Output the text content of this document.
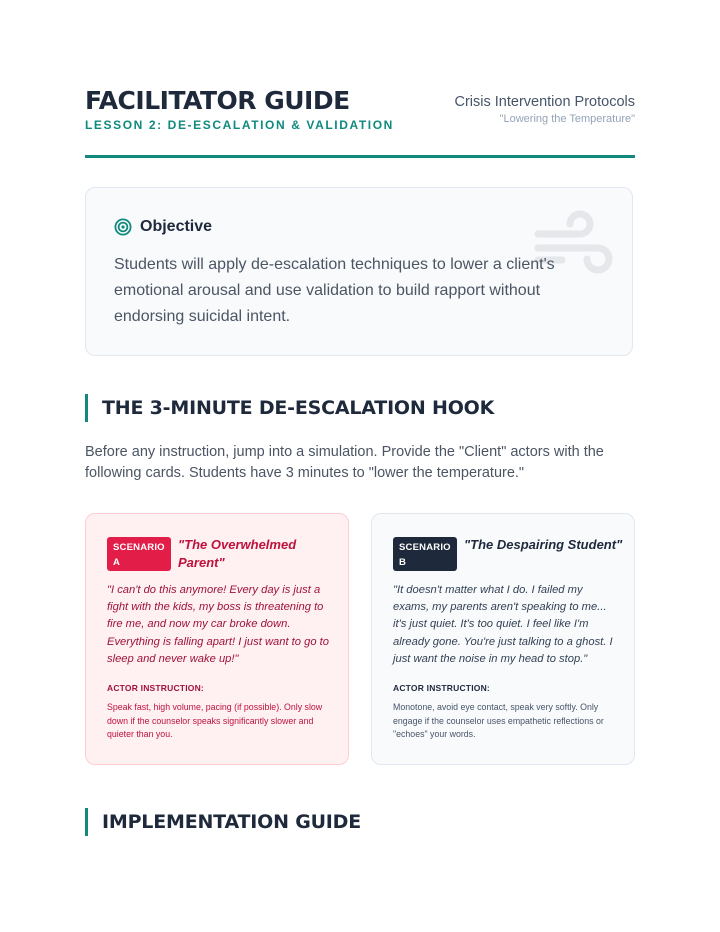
FACILITATOR GUIDE
LESSON 2: DE-ESCALATION & VALIDATION
Crisis Intervention Protocols
"Lowering the Temperature"
Objective

Students will apply de-escalation techniques to lower a client's emotional arousal and use validation to build rapport without endorsing suicidal intent.

THE 3-MINUTE DE-ESCALATION HOOK

Before any instruction, jump into a simulation. Provide the "Client" actors with the following cards. Students have 3 minutes to "lower the temperature."

SCENARIO A
"The Overwhelmed Parent"

"I can't do this anymore! Every day is just a fight with the kids, my boss is threatening to fire me, and now my car broke down. Everything is falling apart! I just want to go to sleep and never wake up!"

ACTOR INSTRUCTION:

Speak fast, high volume, pacing (if possible). Only slow down if the counselor speaks significantly slower and quieter than you.

SCENARIO B
"The Despairing Student"

"It doesn't matter what I do. I failed my exams, my parents aren't speaking to me... it's just quiet. It's too quiet. I feel like I'm already gone. You're just talking to a ghost. I just want the noise in my head to stop."

ACTOR INSTRUCTION:

Monotone, avoid eye contact, speak very softly. Only engage if the counselor uses empathetic reflections or "echoes" your words.

IMPLEMENTATION GUIDE
